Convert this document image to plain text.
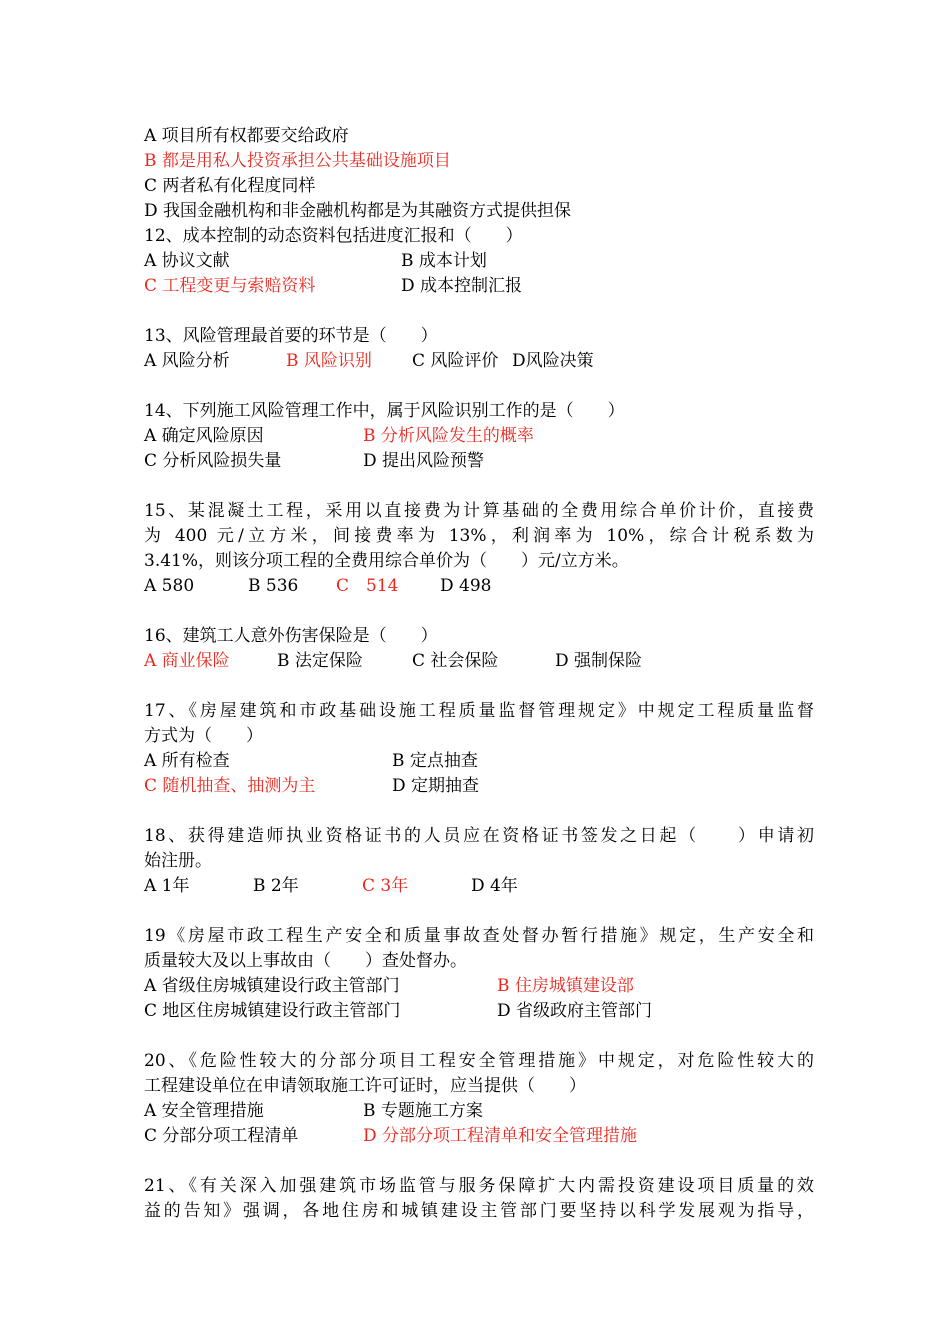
A 项目所有权都要交给政府
B 都是用私人投资承担公共基础设施项目
C 两者私有化程度同样
D 我国金融机构和非金融机构都是为其融资方式提供担保
12、成本控制的动态资料包括进度汇报和（　　）
A 协议文献	B 成本计划
C 工程变更与索赔资料	D 成本控制汇报
13、风险管理最首要的环节是（　　）
A 风险分析	B 风险识别 C 风险评价 D风险决策
14、下列施工风险管理工作中，属于风险识别工作的是（　　）
A 确定风险原因	B 分析风险发生的概率
C 分析风险损失量	D 提出风险预警
15、某混凝土工程，采用以直接费为计算基础的全费用综合单价计价，直接费
为 400 元/立方米，间接费率为 13%，利润率为 10%，综合计税系数为
3.41%，则该分项工程的全费用综合单价为（　　）元/立方米。
A 580	B 536 C　514 D 498
16、建筑工人意外伤害保险是（　　）
A 商业保险	B 法定保险	C 社会保险	D 强制保险
17、《房屋建筑和市政基础设施工程质量监督管理规定》中规定工程质量监督
方式为（　　）
A 所有检查	B 定点抽查
C 随机抽查、抽测为主	D 定期抽查
18、获得建造师执业资格证书的人员应在资格证书签发之日起（　　）申请初
始注册。
A 1年	B 2年	C 3年	D 4年
19《房屋市政工程生产安全和质量事故查处督办暂行措施》规定，生产安全和
质量较大及以上事故由（　　）查处督办。
A 省级住房城镇建设行政主管部门	B 住房城镇建设部
C 地区住房城镇建设行政主管部门	D 省级政府主管部门
20、《危险性较大的分部分项目工程安全管理措施》中规定，对危险性较大的
工程建设单位在申请领取施工许可证时，应当提供（　　）
A 安全管理措施	B 专题施工方案
C 分部分项工程清单	D 分部分项工程清单和安全管理措施
21、《有关深入加强建筑市场监管与服务保障扩大内需投资建设项目质量的效
益的告知》强调，各地住房和城镇建设主管部门要坚持以科学发展观为指导，
